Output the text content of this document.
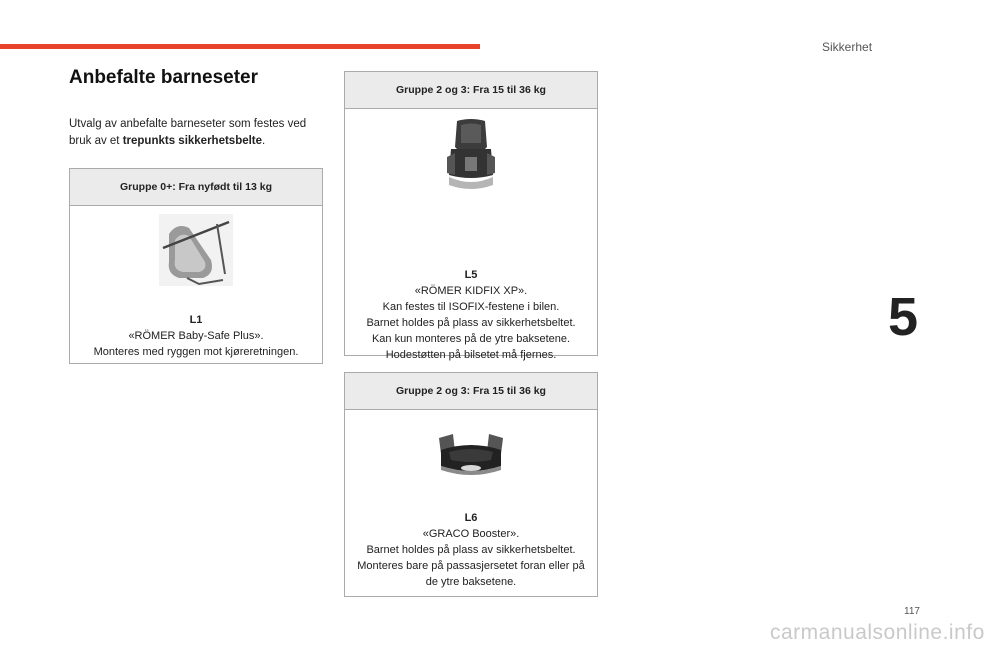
Sikkerhet
5
117
carmanualsonline.info
Anbefalte barneseter

Utvalg av anbefalte barneseter som festes ved bruk av et trepunkts sikkerhetsbelte.

Gruppe 0+: Fra nyfødt til 13 kg
L1
«RÖMER Baby-Safe Plus».
Monteres med ryggen mot kjøreretningen.
Gruppe 2 og 3: Fra 15 til 36 kg
L5
«RÖMER KIDFIX XP».
Kan festes til ISOFIX-festene i bilen.
Barnet holdes på plass av sikkerhetsbeltet.
Kan kun monteres på de ytre baksetene.
Hodestøtten på bilsetet må fjernes.
Gruppe 2 og 3: Fra 15 til 36 kg
L6
«GRACO Booster».
Barnet holdes på plass av sikkerhetsbeltet.
Monteres bare på passasjersetet foran eller på de ytre baksetene.
